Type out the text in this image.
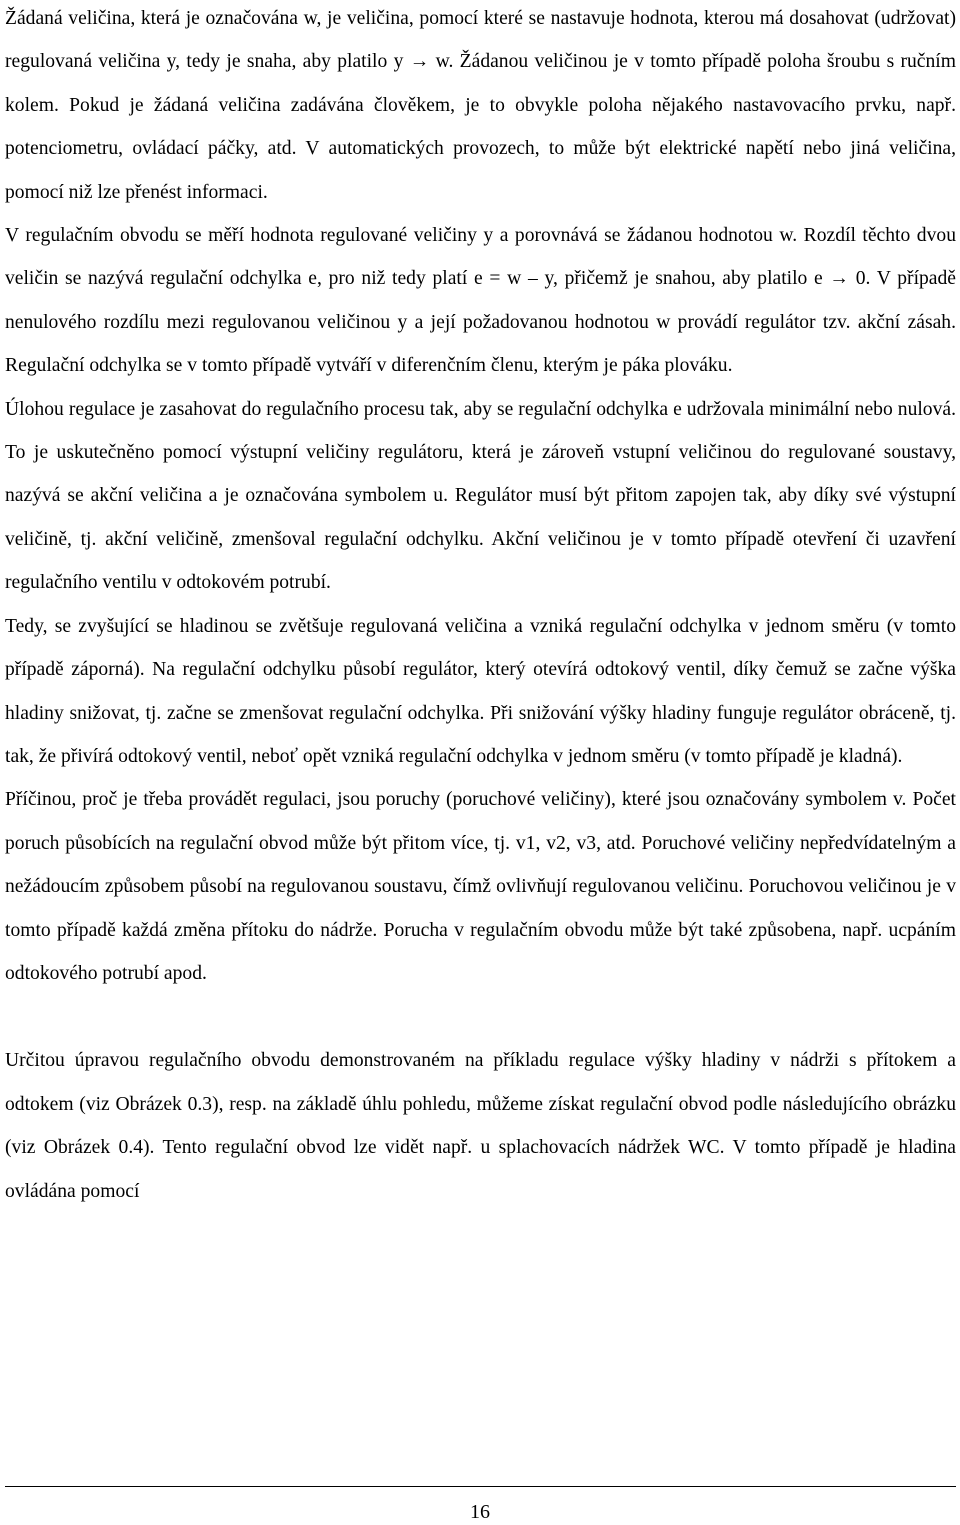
Žádaná veličina, která je označována w, je veličina, pomocí které se nastavuje hodnota, kterou má dosahovat (udržovat) regulovaná veličina y, tedy je snaha, aby platilo y → w. Žádanou veličinou je v tomto případě poloha šroubu s ručním kolem. Pokud je žádaná veličina zadávána člověkem, je to obvykle poloha nějakého nastavovacího prvku, např. potenciometru, ovládací páčky, atd. V automatických provozech, to může být elektrické napětí nebo jiná veličina, pomocí niž lze přenést informaci.

V regulačním obvodu se měří hodnota regulované veličiny y a porovnává se žádanou hodnotou w. Rozdíl těchto dvou veličin se nazývá regulační odchylka e, pro niž tedy platí e = w – y, přičemž je snahou, aby platilo e → 0. V případě nenulového rozdílu mezi regulovanou veličinou y a její požadovanou hodnotou w provádí regulátor tzv. akční zásah. Regulační odchylka se v tomto případě vytváří v diferenčním členu, kterým je páka plováku.

Úlohou regulace je zasahovat do regulačního procesu tak, aby se regulační odchylka e udržovala minimální nebo nulová. To je uskutečněno pomocí výstupní veličiny regulátoru, která je zároveň vstupní veličinou do regulované soustavy, nazývá se akční veličina a je označována symbolem u. Regulátor musí být přitom zapojen tak, aby díky své výstupní veličině, tj. akční veličině, zmenšoval regulační odchylku. Akční veličinou je v tomto případě otevření či uzavření regulačního ventilu v odtokovém potrubí.

Tedy, se zvyšující se hladinou se zvětšuje regulovaná veličina a vzniká regulační odchylka v jednom směru (v tomto případě záporná). Na regulační odchylku působí regulátor, který otevírá odtokový ventil, díky čemuž se začne výška hladiny snižovat, tj. začne se zmenšovat regulační odchylka. Při snižování výšky hladiny funguje regulátor obráceně, tj. tak, že přivírá odtokový ventil, neboť opět vzniká regulační odchylka v jednom směru (v tomto případě je kladná).

Příčinou, proč je třeba provádět regulaci, jsou poruchy (poruchové veličiny), které jsou označovány symbolem v. Počet poruch působících na regulační obvod může být přitom více, tj. v1, v2, v3, atd. Poruchové veličiny nepředvídatelným a nežádoucím způsobem působí na regulovanou soustavu, čímž ovlivňují regulovanou veličinu. Poruchovou veličinou je v tomto případě každá změna přítoku do nádrže. Porucha v regulačním obvodu může být také způsobena, např. ucpáním odtokového potrubí apod.

Určitou úpravou regulačního obvodu demonstrovaném na příkladu regulace výšky hladiny v nádrži s přítokem a odtokem (viz Obrázek 0.3), resp. na základě úhlu pohledu, můžeme získat regulační obvod podle následujícího obrázku (viz Obrázek 0.4). Tento regulační obvod lze vidět např. u splachovacích nádržek WC. V tomto případě je hladina ovládána pomocí

16
